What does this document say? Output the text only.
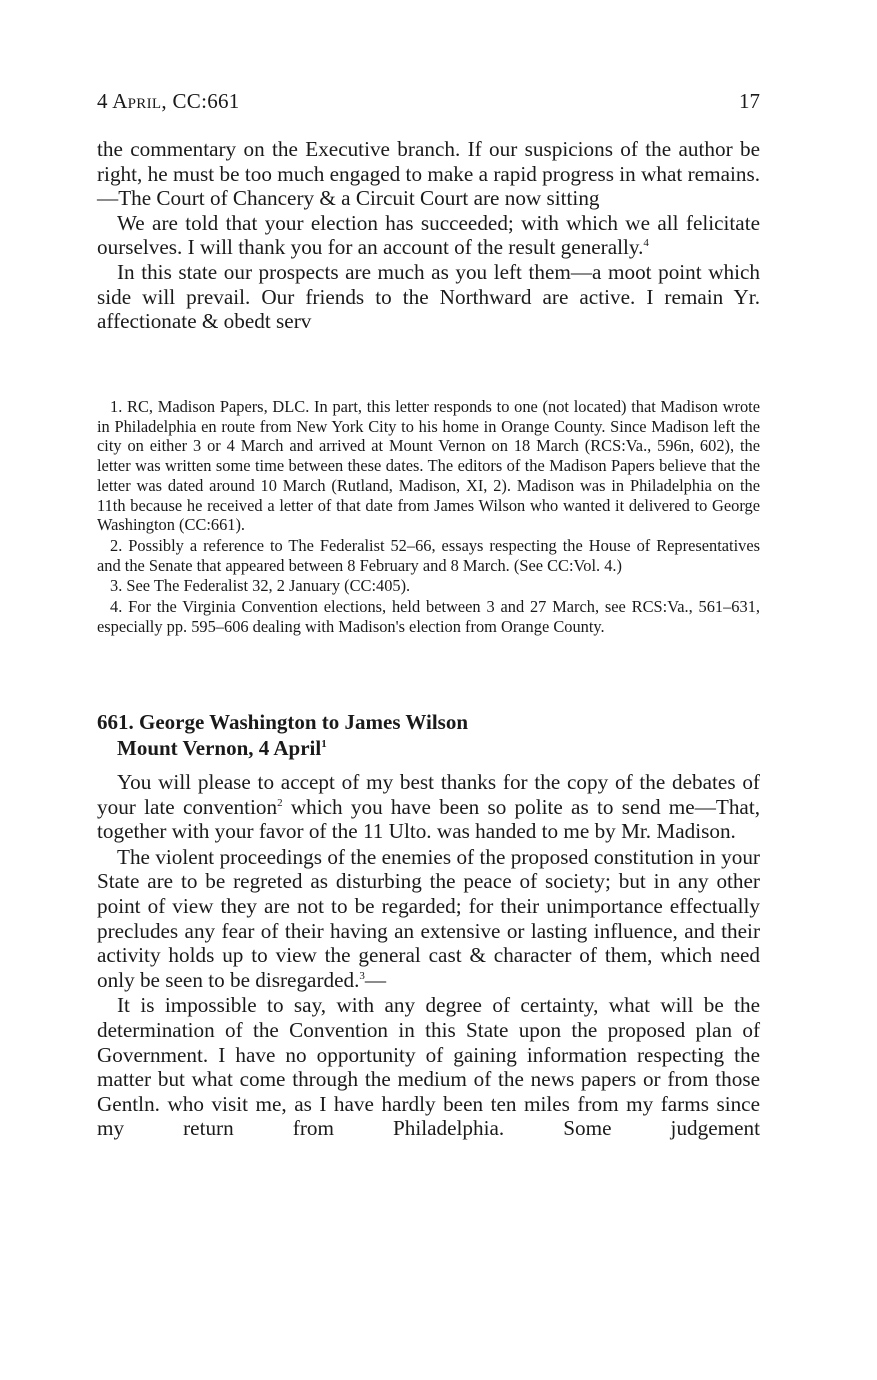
4 April, CC:661	17

the commentary on the Executive branch. If our suspicions of the author be right, he must be too much engaged to make a rapid progress in what remains.—The Court of Chancery & a Circuit Court are now sitting

We are told that your election has succeeded; with which we all felicitate ourselves. I will thank you for an account of the result generally.$^4$

In this state our prospects are much as you left them—a moot point which side will prevail. Our friends to the Northward are active. I remain Yr. affectionate & obedt serv

1. RC, Madison Papers, DLC. In part, this letter responds to one (not located) that Madison wrote in Philadelphia en route from New York City to his home in Orange County. Since Madison left the city on either 3 or 4 March and arrived at Mount Vernon on 18 March (RCS:Va., 596n, 602), the letter was written some time between these dates. The editors of the Madison Papers believe that the letter was dated around 10 March (Rutland, Madison, XI, 2). Madison was in Philadelphia on the 11th because he received a letter of that date from James Wilson who wanted it delivered to George Washington (CC:661).

2. Possibly a reference to The Federalist 52–66, essays respecting the House of Representatives and the Senate that appeared between 8 February and 8 March. (See CC:Vol. 4.)

3. See The Federalist 32, 2 January (CC:405).

4. For the Virginia Convention elections, held between 3 and 27 March, see RCS:Va., 561–631, especially pp. 595–606 dealing with Madison's election from Orange County.

661. George Washington to James Wilson
Mount Vernon, 4 April$^1$

You will please to accept of my best thanks for the copy of the debates of your late convention$^2$ which you have been so polite as to send me—That, together with your favor of the 11 Ulto. was handed to me by Mr. Madison.

The violent proceedings of the enemies of the proposed constitution in your State are to be regreted as disturbing the peace of society; but in any other point of view they are not to be regarded; for their unimportance effectually precludes any fear of their having an extensive or lasting influence, and their activity holds up to view the general cast & character of them, which need only be seen to be disregarded.$^3$—

It is impossible to say, with any degree of certainty, what will be the determination of the Convention in this State upon the proposed plan of Government. I have no opportunity of gaining information respecting the matter but what come through the medium of the news papers or from those Gentln. who visit me, as I have hardly been ten miles from my farms since my return from Philadelphia. Some judgement
